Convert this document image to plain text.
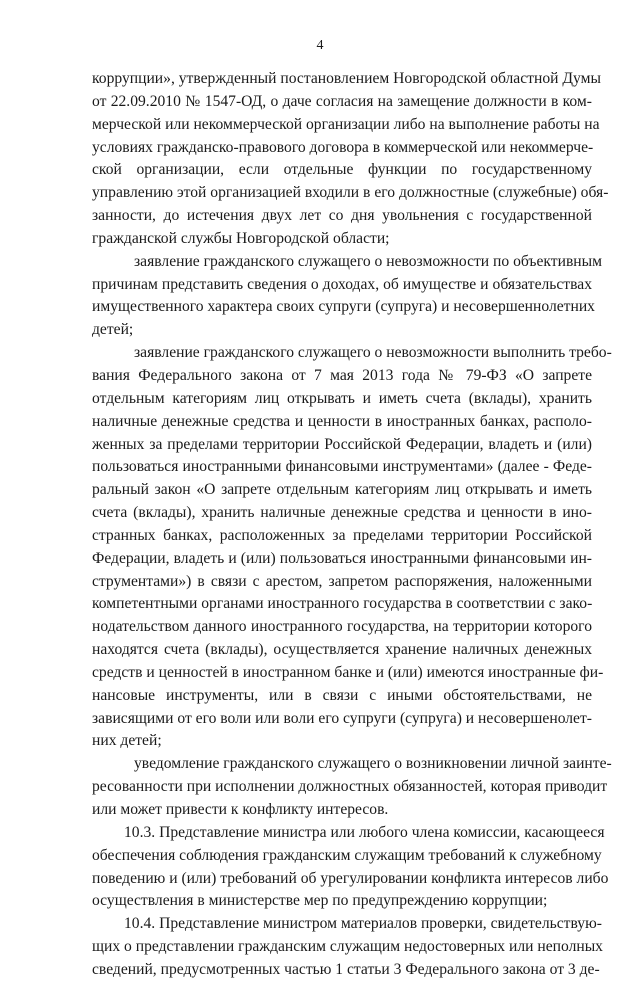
4
коррупции», утвержденный постановлением Новгородской областной Думы
от 22.09.2010 № 1547-ОД, о даче согласия на замещение должности в ком-
мерческой или некоммерческой организации либо на выполнение работы на
условиях гражданско-правового договора в коммерческой или некоммерче-
ской организации, если отдельные функции по государственному
управлению этой организацией входили в его должностные (служебные) обя-
занности, до истечения двух лет со дня увольнения с государственной
гражданской службы Новгородской области;
заявление гражданского служащего о невозможности по объективным
причинам представить сведения о доходах, об имуществе и обязательствах
имущественного характера своих супруги (супруга) и несовершеннолетних
детей;
заявление гражданского служащего о невозможности выполнить требо-
вания Федерального закона от 7 мая 2013 года № 79-ФЗ «О запрете
отдельным категориям лиц открывать и иметь счета (вклады), хранить
наличные денежные средства и ценности в иностранных банках, располо-
женных за пределами территории Российской Федерации, владеть и (или)
пользоваться иностранными финансовыми инструментами» (далее - Феде-
ральный закон «О запрете отдельным категориям лиц открывать и иметь
счета (вклады), хранить наличные денежные средства и ценности в ино-
странных банках, расположенных за пределами территории Российской
Федерации, владеть и (или) пользоваться иностранными финансовыми ин-
струментами») в связи с арестом, запретом распоряжения, наложенными
компетентными органами иностранного государства в соответствии с зако-
нодательством данного иностранного государства, на территории которого
находятся счета (вклады), осуществляется хранение наличных денежных
средств и ценностей в иностранном банке и (или) имеются иностранные фи-
нансовые инструменты, или в связи с иными обстоятельствами, не
зависящими от его воли или воли его супруги (супруга) и несовершенолет-
них детей;
уведомление гражданского служащего о возникновении личной заинте-
ресованности при исполнении должностных обязанностей, которая приводит
или может привести к конфликту интересов.
10.3. Представление министра или любого члена комиссии, касающееся
обеспечения соблюдения гражданским служащим требований к служебному
поведению и (или) требований об урегулировании конфликта интересов либо
осуществления в министерстве мер по предупреждению коррупции;
10.4. Представление министром материалов проверки, свидетельствую-
щих о представлении гражданским служащим недостоверных или неполных
сведений, предусмотренных частью 1 статьи 3 Федерального закона от 3 де-
